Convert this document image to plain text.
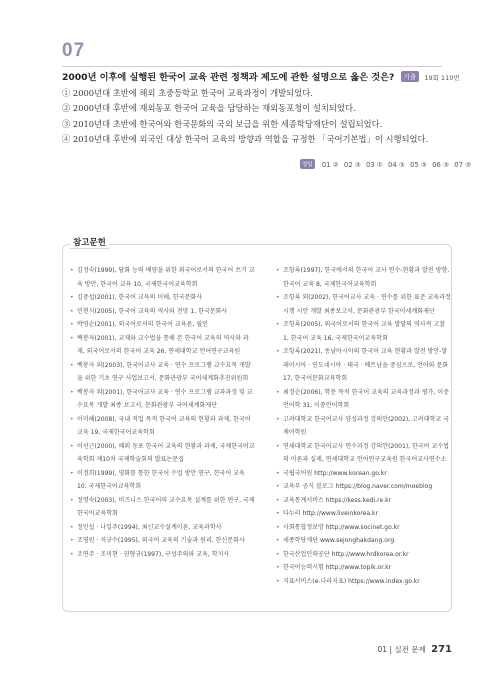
07
2000년 이후에 실행된 한국어 교육 관련 정책과 제도에 관한 설명으로 옳은 것은? 기출 19회 110번
① 2000년대 초반에 해외 초중등학교 한국어 교육과정이 개발되었다.
② 2000년대 후반에 재외동포 한국어 교육을 담당하는 재외동포청이 설치되었다.
③ 2010년대 초반에 한국어와 한국문화의 국외 보급을 위한 세종학당재단이 설립되었다.
④ 2010년대 후반에 외국인 대상 한국어 교육의 방향과 역할을 규정한 「국어기본법」이 시행되었다.
정답 01 ② 02 ③ 03 ① 04 ③ 05 ③ 06 ③ 07 ③
참고문헌
• 김정숙(1999), 담화 능력 배양을 위한 외국어로서의 한국어 쓰기 교육 방안, 한국어 교육 10, 국제한국어교육학회
• 김중섭(2001), 한국어 교육의 이해, 한국문화사
• 민현식(2005), 한국어 교육의 역사와 전망 1, 한국문화사
• 박영순(2001), 외국어로서의 한국어 교육론, 월인
• 백봉자(2001), 교재와 교수법을 통해 본 한국어 교육의 역사와 과제, 외국어로서의 한국어 교육 26, 연세대학교 언어연구교육원
• 백봉자 외(2003), 한국어교사 교육 · 연수 프로그램 교수요목 개발을 위한 기초 연구 사업보고서, 문화관광부 국어세계화추진위원회
• 백봉자 외(2001), 한국어교사 교육 · 연수 프로그램 교과과정 및 교수요목 개발 최종 보고서, 문화관광부 국어세계화재단
• 이미혜(2008), 국내 직업 목적 한국어 교육의 현황과 과제, 한국어 교육 19, 국제한국어교육학회
• 이선근(2000), 해외 동포 한국어 교육의 현황과 과제, 국제한국어교육학회 제10차 국제학술회의 발표논문집
• 이정희(1999), 영화를 통한 한국어 수업 방안 연구, 한국어 교육 10, 국제한국어교육학회
• 정명숙(2003), 비즈니스 한국어의 교수요목 설계를 위한 연구, 국제한국어교육학회
• 정인섭 · 나일주(1994), 최신교수설계이론, 교육과학사
• 조영원 · 석규수(1995), 외국어 교육의 기술과 원리, 한신문화사
• 조연주 · 조미현 · 권형규(1997), 구성주의와 교육, 학지사
• 조항록(1997), 한국에서의 한국어 교사 연수-현황과 발전 방향, 한국어 교육 8, 국제한국어교육학회
• 조항록 외(2002), 한국어교사 교육 · 연수를 위한 표준 교육과정 시행 시안 개발 최종보고서, 문화관광부 한국어세계화재단
• 조항록(2005), 외국어로서의 한국어 교육 발달의 역사적 고찰 1, 한국어 교육 16, 국제한국어교육학회
• 조항록(2021), 동남아시아의 한국어 교육 현황과 발전 방안-말레이시아 · 인도네시아 · 태국 · 베트남을 중심으로, 언어와 문화 17, 한국어문화교육학회
• 최정순(2006), 학문 목적 한국어 교육의 교육과정과 평가, 이중언어학 31, 이중언어학회
• 고려대학교 한국어교사 양성과정 강의안(2002), 고려대학교 국제어학원
• 연세대학교 한국어교사 연수과정 강의안(2001), 한국어 교수법의 이론과 실제, 연세대학교 언어연구교육원 한국어교사연수소
• 국립국어원 http://www.korean.go.kr
• 교육부 공식 블로그 https://blog.naver.com/moeblog
• 교육통계서비스 https://kess.kedi.re.kr
• 다누리 http://www.liveinkorea.kr
• 사회통합정보망 http://www.socinet.go.kr
• 세종학당재단 www.sejonghakdang.org
• 한국산업인력공단 http://www.hrdkorea.or.kr
• 한국어능력시험 http://www.topik.or.kr
• 지표서비스(e-나라지표) https://www.index.go.kr
01 | 실전 문제 271
